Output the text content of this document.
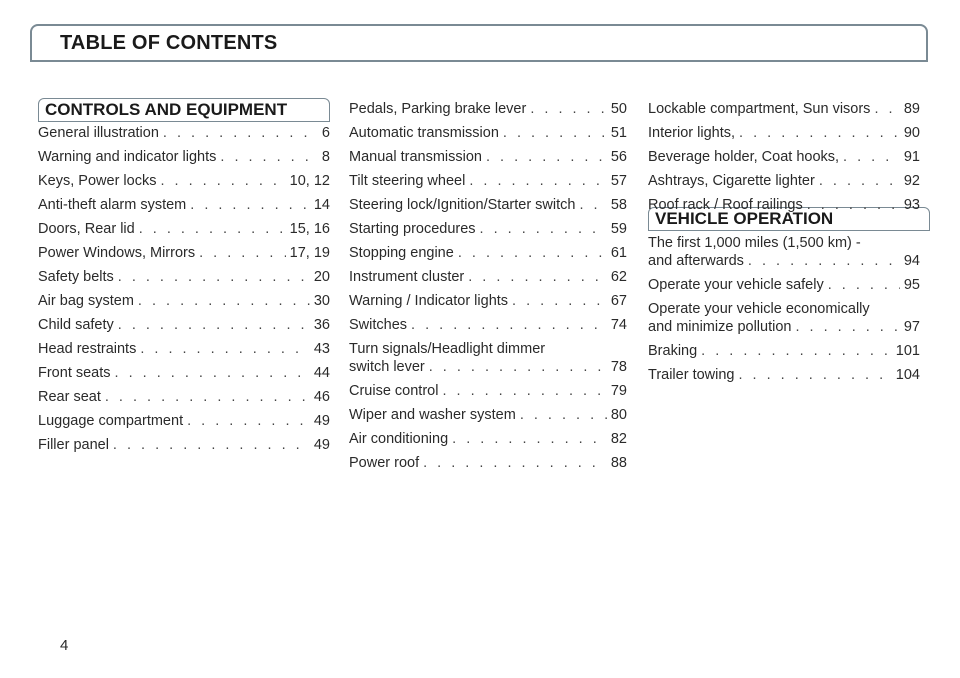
TABLE OF CONTENTS
CONTROLS AND EQUIPMENT
VEHICLE OPERATION
General illustration . . .	6
Warning and indicator lights . . .	8
Keys, Power locks . . .	10, 12
Anti-theft alarm system . . .	14
Doors, Rear lid . . .	15, 16
Power Windows, Mirrors . . .	17, 19
Safety belts . . .	20
Air bag system . . .	30
Child safety . . .	36
Head restraints . . .	43
Front seats . . .	44
Rear seat . . .	46
Luggage compartment . . .	49
Filler panel . . .	49
Pedals, Parking brake lever . . .	50
Automatic transmission . . .	51
Manual transmission . . .	56
Tilt steering wheel . . .	57
Steering lock/Ignition/Starter switch . . . 58
Starting procedures . . .	59
Stopping engine . . .	61
Instrument cluster . . .	62
Warning / Indicator lights . . .	67
Switches . . .	74
Turn signals/Headlight dimmer
switch lever . . .	78
Cruise control . . .	79
Wiper and washer system . . .	80
Air conditioning . . .	82
Power roof . . .	88
Lockable compartment, Sun visors . . . 89
Interior lights, . . .	90
Beverage holder, Coat hooks, . . .	91
Ashtrays, Cigarette lighter . . .	92
Roof rack / Roof railings . . .	93
The first 1,000 miles (1,500 km) -
and afterwards . . .	94
Operate your vehicle safely . . .	95
Operate your vehicle economically
and minimize pollution . . .	97
Braking . . .	101
Trailer towing . . .	104
4
